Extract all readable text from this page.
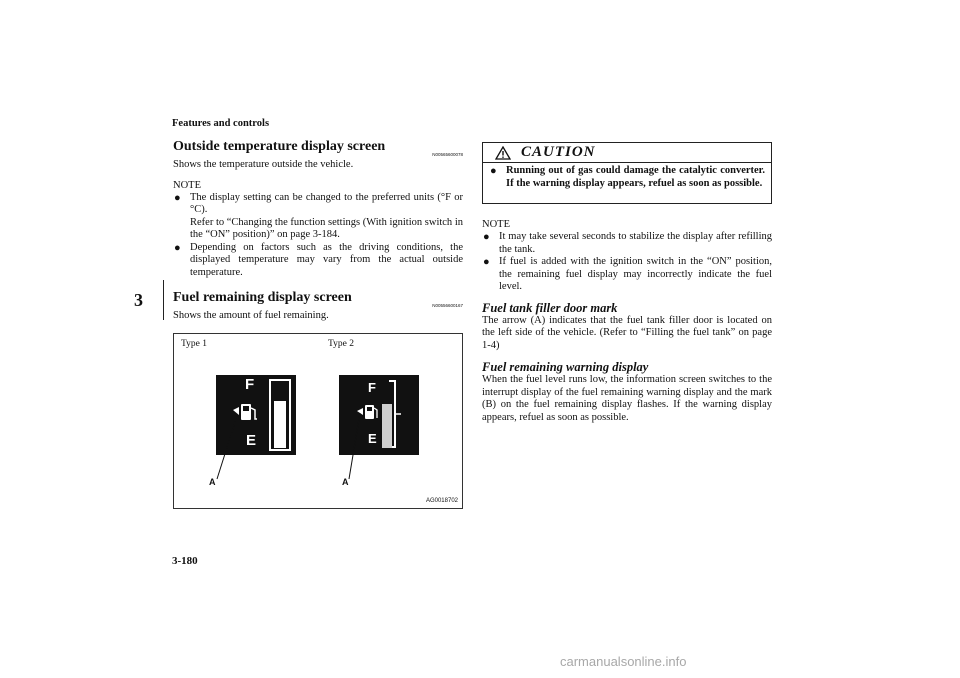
Features and controls
3
Outside temperature display screen
N00565600078

Shows the temperature outside the vehicle.

NOTE
● The display setting can be changed to the preferred units (°F or °C).
Refer to “Changing the function settings (With ignition switch in the “ON” position)” on page 3-184.
● Depending on factors such as the driving conditions, the displayed temperature may vary from the actual outside temperature.
Fuel remaining display screen
N00556600167

Shows the amount of fuel remaining.

Type 1	Type 2
F
E
F
E
A	A
AG0018702
CAUTION
● Running out of gas could damage the catalytic converter. If the warning display appears, refuel as soon as possible.
NOTE
● It may take several seconds to stabilize the display after refilling the tank.
● If fuel is added with the ignition switch in the “ON” position, the remaining fuel display may incorrectly indicate the fuel level.
Fuel tank filler door mark

The arrow (A) indicates that the fuel tank filler door is located on the left side of the vehicle. (Refer to “Filling the fuel tank” on page 1-4)

Fuel remaining warning display

When the fuel level runs low, the information screen switches to the interrupt display of the fuel remaining warning display and the mark (B) on the fuel remaining display flashes. If the warning display appears, refuel as soon as possible.

3-180
carmanualsonline.info
